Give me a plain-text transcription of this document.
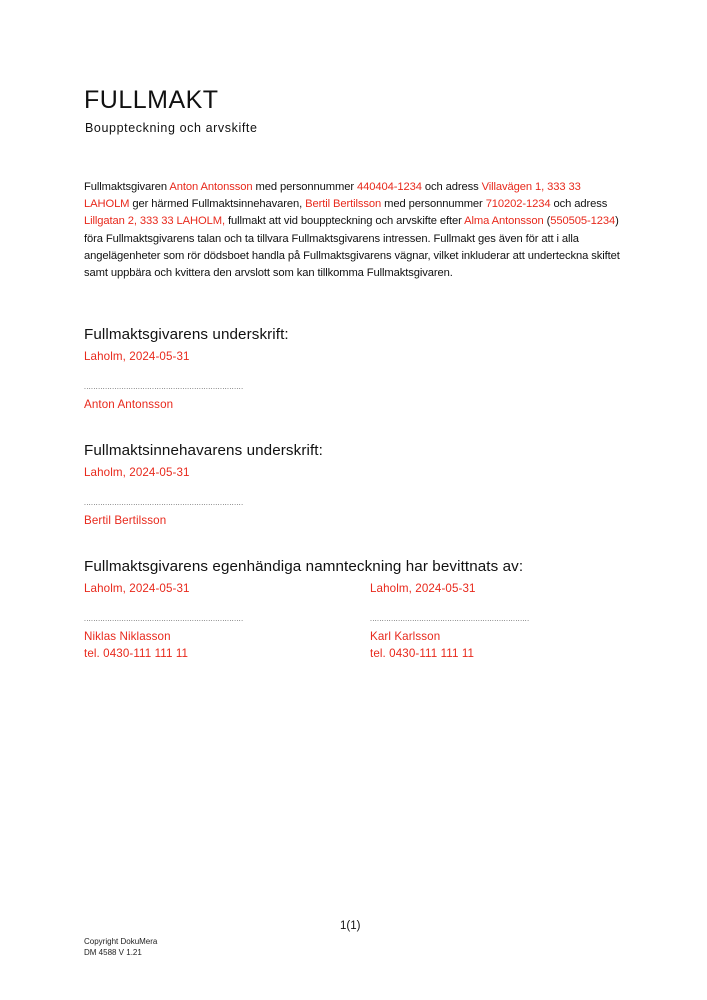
FULLMAKT
Bouppteckning och arvskifte
Fullmaktsgivaren Anton Antonsson med personnummer 440404-1234 och adress Villavägen 1, 333 33 LAHOLM ger härmed Fullmaktsinnehavaren, Bertil Bertilsson med personnummer 710202-1234 och adress Lillgatan 2, 333 33 LAHOLM, fullmakt att vid bouppteckning och arvskifte efter Alma Antonsson (550505-1234) föra Fullmaktsgivarens talan och ta tillvara Fullmaktsgivarens intressen. Fullmakt ges även för att i alla angelägenheter som rör dödsboet handla på Fullmaktsgivarens vägnar, vilket inkluderar att underteckna skiftet samt uppbära och kvittera den arvslott som kan tillkomma Fullmaktsgivaren.
Fullmaktsgivarens underskrift:
Laholm, 2024-05-31
....................................................................
Anton Antonsson
Fullmaktsinnehavarens underskrift:
Laholm, 2024-05-31
....................................................................
Bertil Bertilsson
Fullmaktsgivarens egenhändiga namnteckning har bevittnats av:
Laholm, 2024-05-31
....................................................................
Niklas Niklasson
tel. 0430-111 111 11
Laholm, 2024-05-31
....................................................................
Karl Karlsson
tel. 0430-111 111 11
1(1)
Copyright DokuMera
DM 4588 V 1.21
